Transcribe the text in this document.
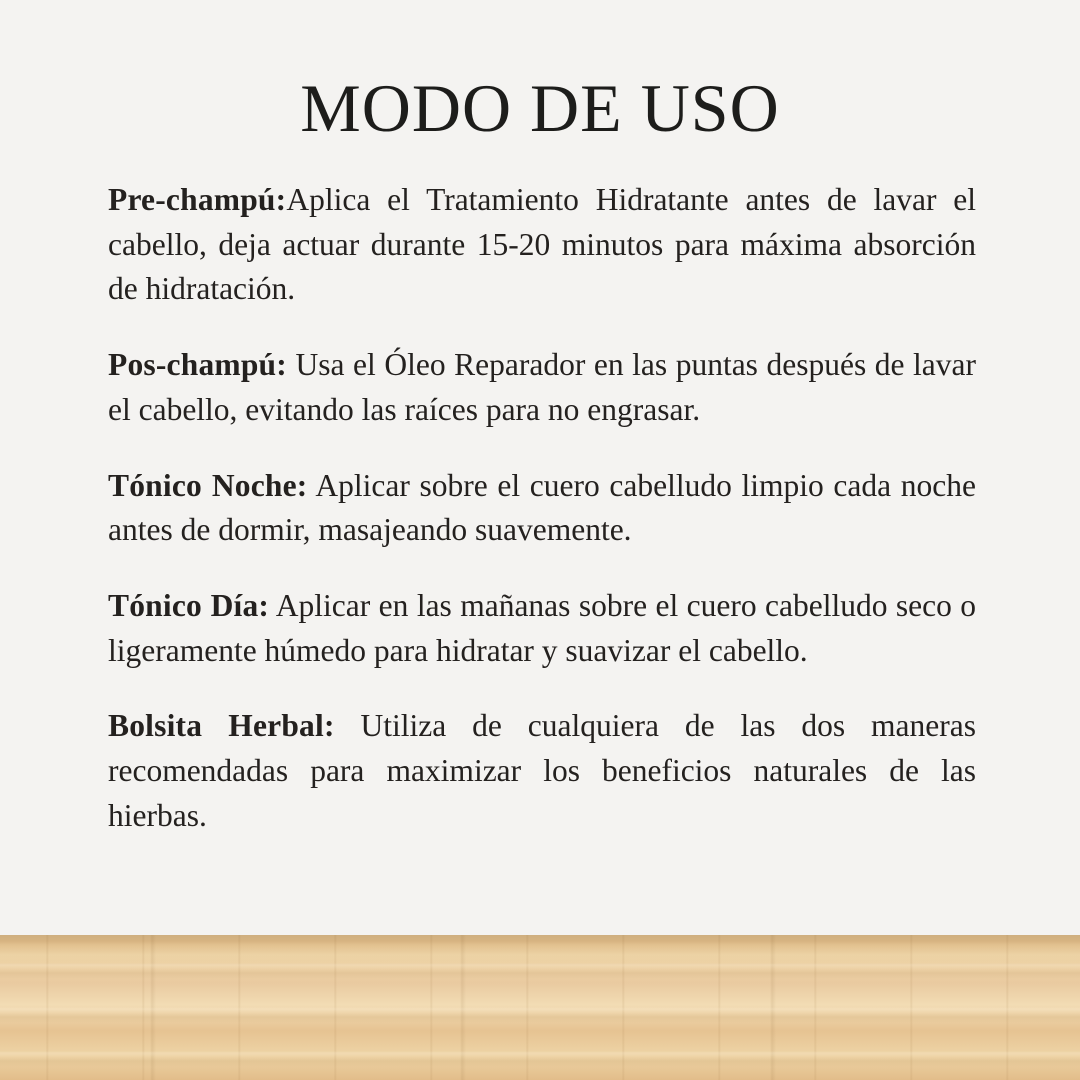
MODO DE USO

Pre-champú:Aplica el Tratamiento Hidratante antes de lavar el cabello, deja actuar durante 15-20 minutos para máxima absorción de hidratación.

Pos-champú: Usa el Óleo Reparador en las puntas después de lavar el cabello, evitando las raíces para no engrasar.

Tónico Noche: Aplicar sobre el cuero cabelludo limpio cada noche antes de dormir, masajeando suavemente.

Tónico Día: Aplicar en las mañanas sobre el cuero cabelludo seco o ligeramente húmedo para hidratar y suavizar el cabello.

Bolsita Herbal: Utiliza de cualquiera de las dos maneras recomendadas para maximizar los beneficios naturales de las hierbas.
